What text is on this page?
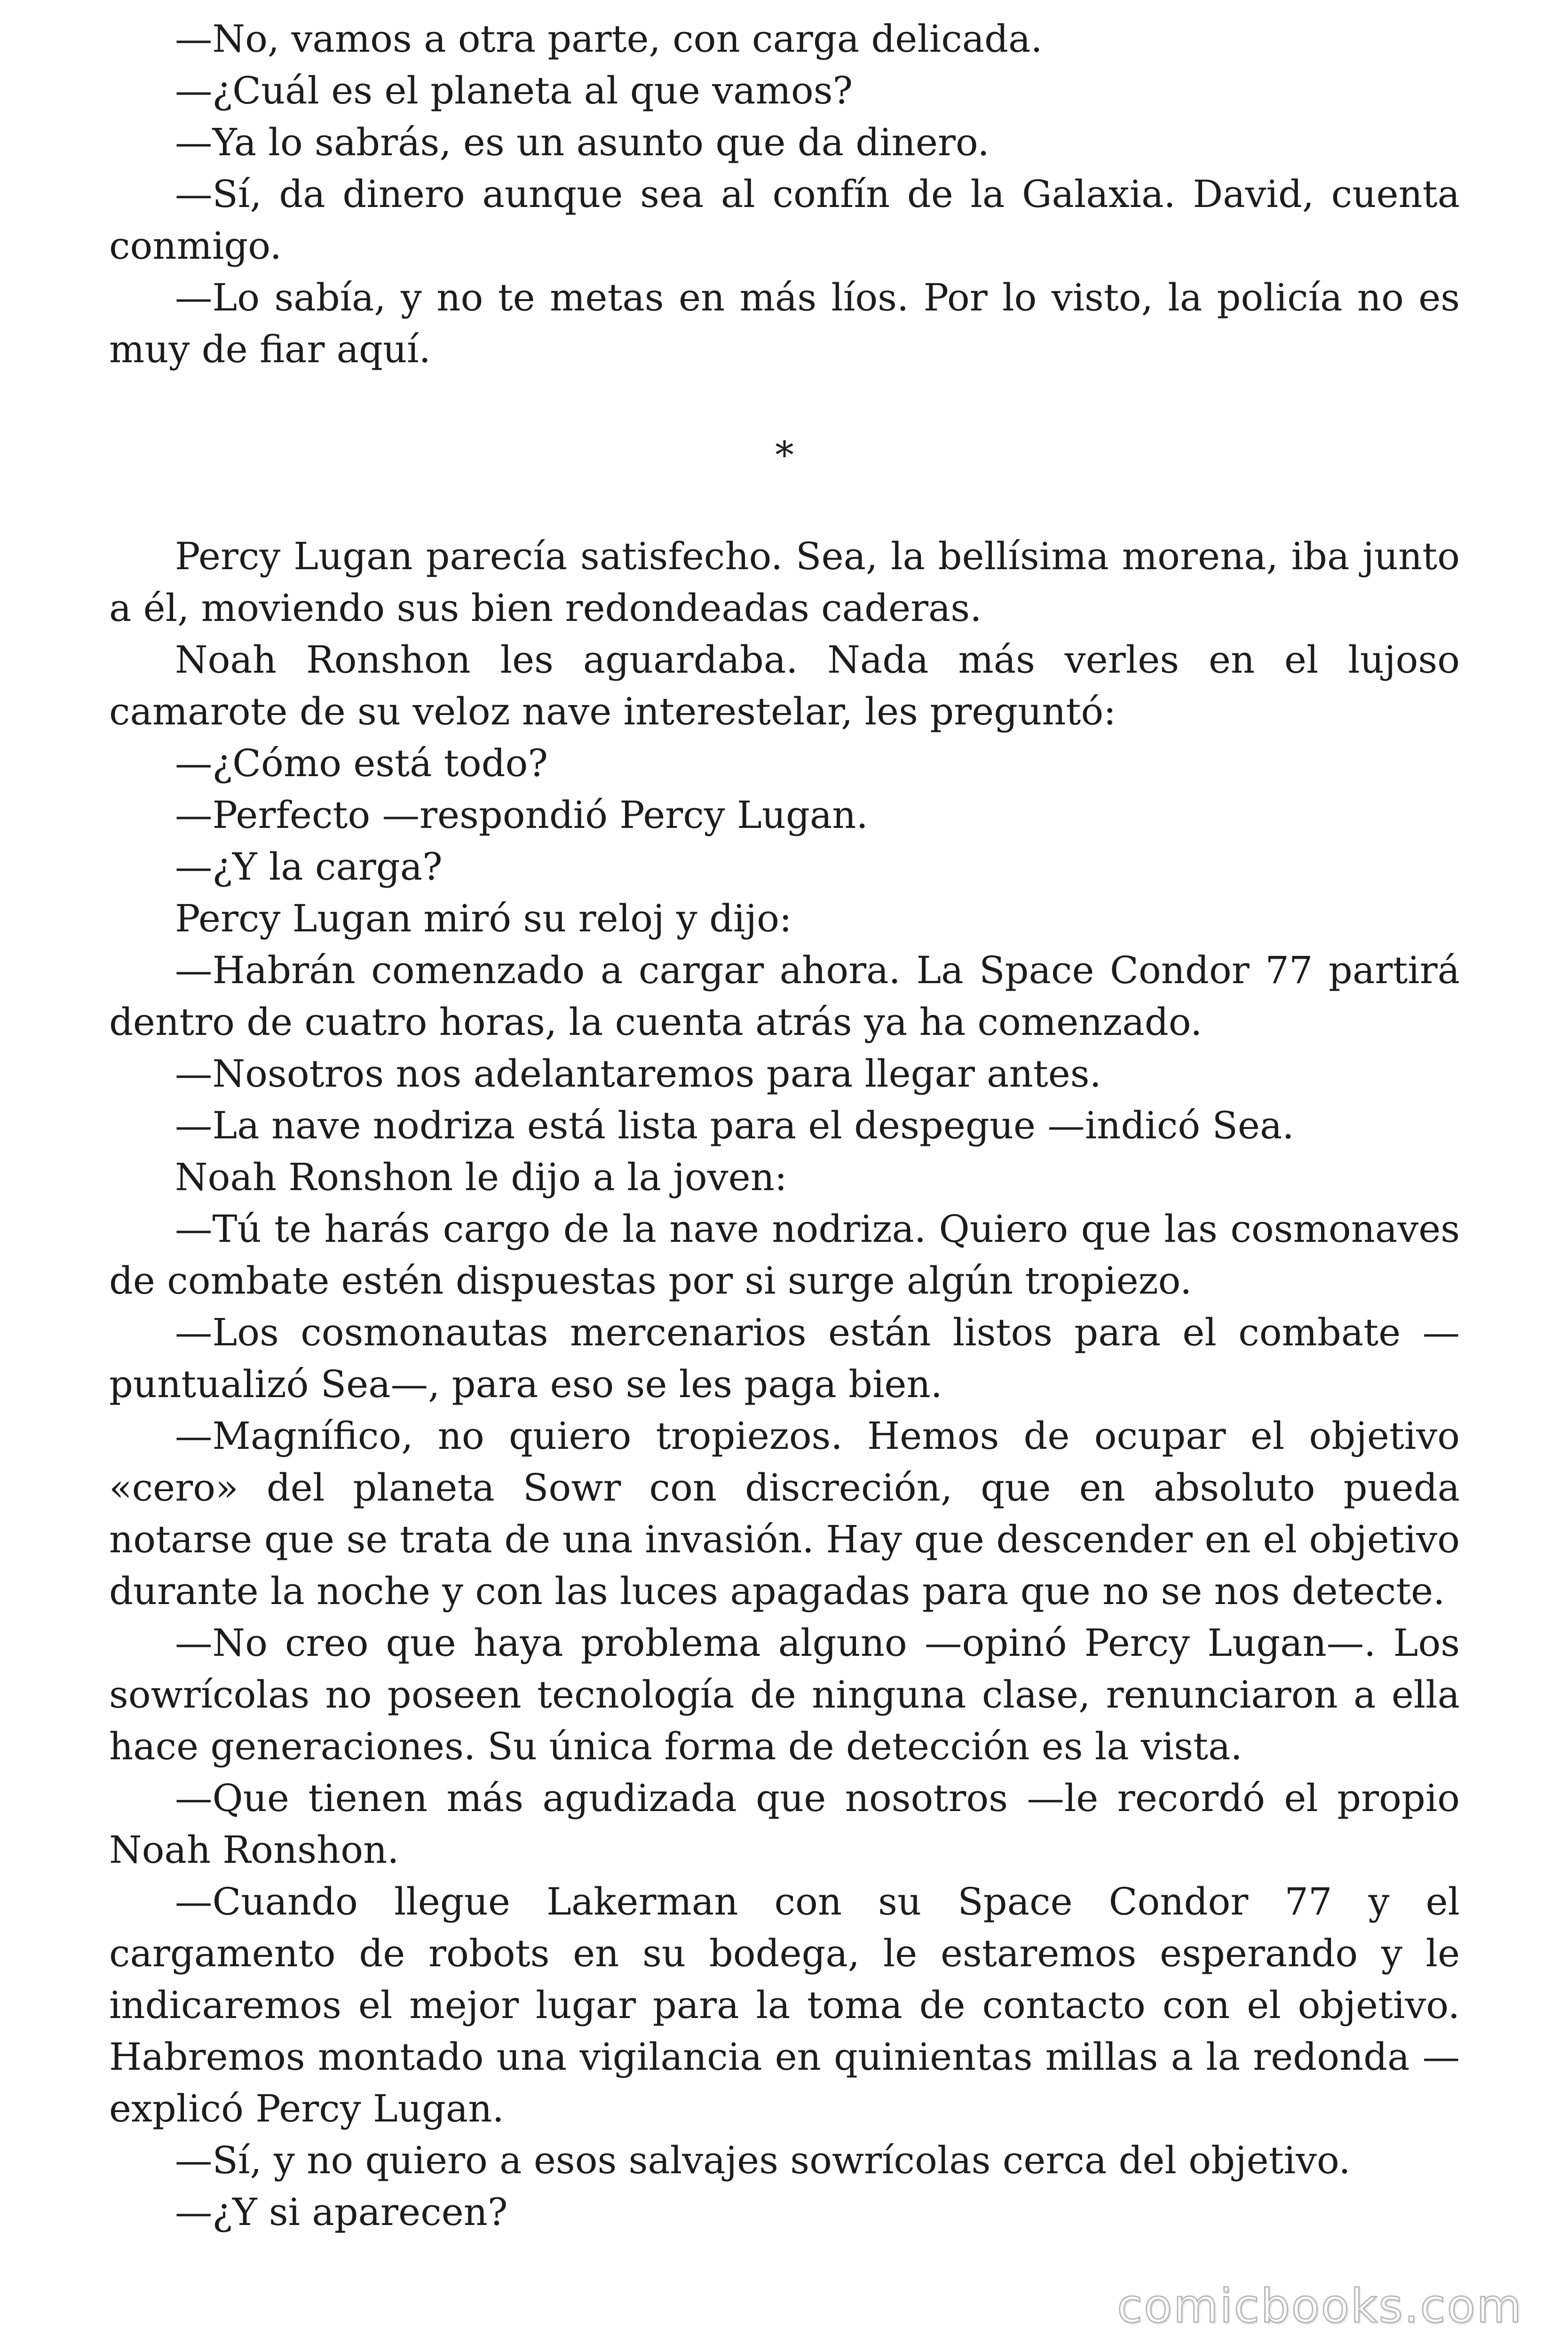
—No, vamos a otra parte, con carga delicada.

—¿Cuál es el planeta al que vamos?

—Ya lo sabrás, es un asunto que da dinero.

—Sí, da dinero aunque sea al confín de la Galaxia. David, cuenta conmigo.

—Lo sabía, y no te metas en más líos. Por lo visto, la policía no es muy de fiar aquí.

*

Percy Lugan parecía satisfecho. Sea, la bellísima morena, iba junto a él, moviendo sus bien redondeadas caderas.

Noah Ronshon les aguardaba. Nada más verles en el lujoso camarote de su veloz nave interestelar, les preguntó:

—¿Cómo está todo?

—Perfecto —respondió Percy Lugan.

—¿Y la carga?

Percy Lugan miró su reloj y dijo:

—Habrán comenzado a cargar ahora. La Space Condor 77 partirá dentro de cuatro horas, la cuenta atrás ya ha comenzado.

—Nosotros nos adelantaremos para llegar antes.

—La nave nodriza está lista para el despegue —indicó Sea.

Noah Ronshon le dijo a la joven:

—Tú te harás cargo de la nave nodriza. Quiero que las cosmonaves de combate estén dispuestas por si surge algún tropiezo.

—Los cosmonautas mercenarios están listos para el combate —puntualizó Sea—, para eso se les paga bien.

—Magnífico, no quiero tropiezos. Hemos de ocupar el objetivo «cero» del planeta Sowr con discreción, que en absoluto pueda notarse que se trata de una invasión. Hay que descender en el objetivo durante la noche y con las luces apagadas para que no se nos detecte.

—No creo que haya problema alguno —opinó Percy Lugan—. Los sowrícolas no poseen tecnología de ninguna clase, renunciaron a ella hace generaciones. Su única forma de detección es la vista.

—Que tienen más agudizada que nosotros —le recordó el propio Noah Ronshon.

—Cuando llegue Lakerman con su Space Condor 77 y el cargamento de robots en su bodega, le estaremos esperando y le indicaremos el mejor lugar para la toma de contacto con el objetivo. Habremos montado una vigilancia en quinientas millas a la redonda —explicó Percy Lugan.

—Sí, y no quiero a esos salvajes sowrícolas cerca del objetivo.

—¿Y si aparecen?

comicbooks.com
